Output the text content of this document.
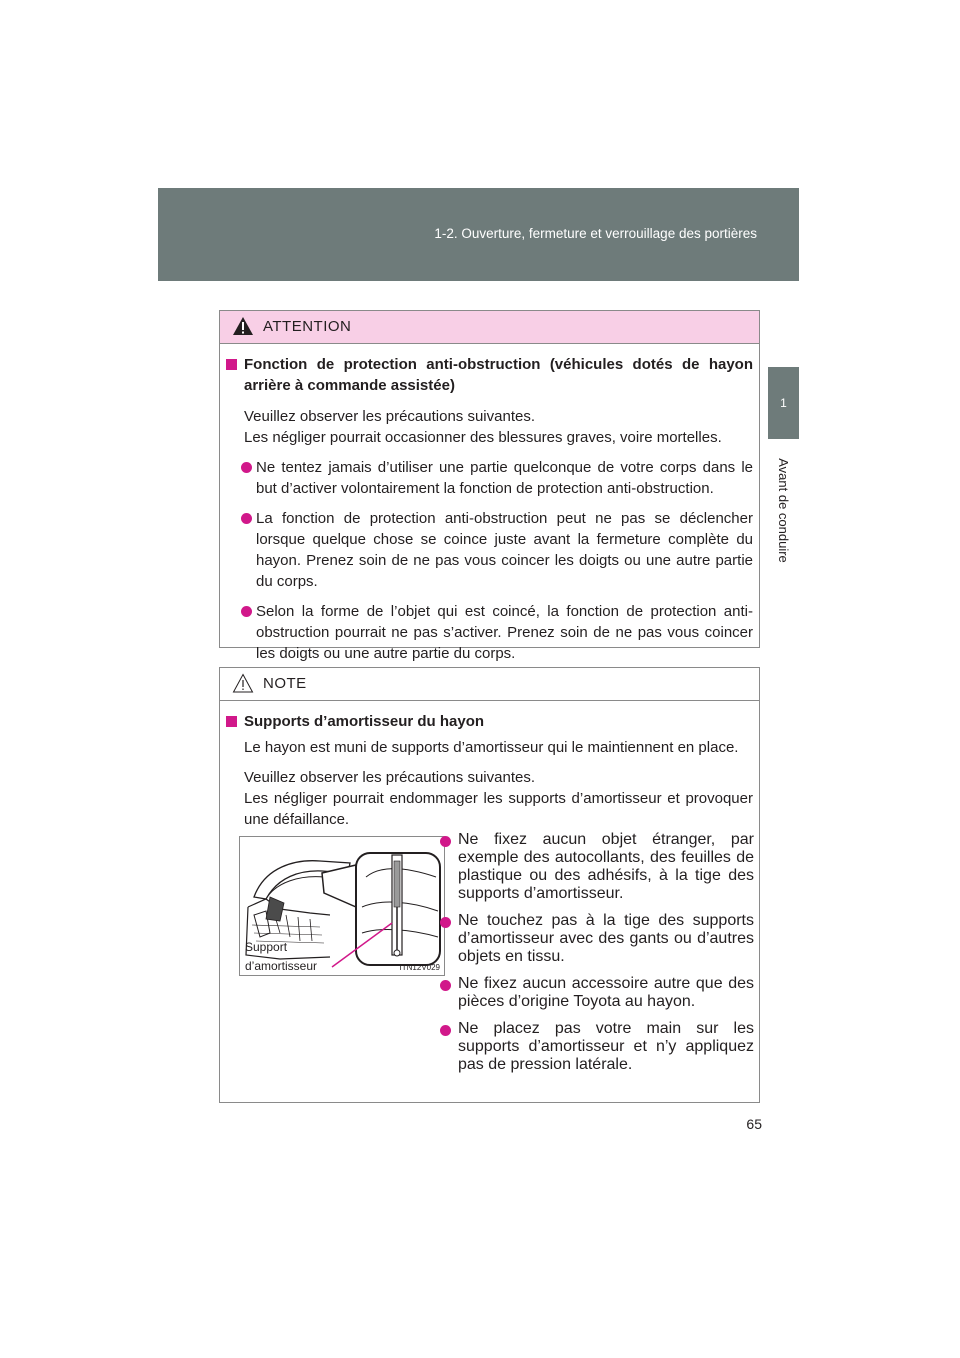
1-2. Ouverture, fermeture et verrouillage des portières
1
Avant de conduire
ATTENTION
Fonction de protection anti-obstruction (véhicules dotés de hayon arrière à commande assistée)
Veuillez observer les précautions suivantes.
Les négliger pourrait occasionner des blessures graves, voire mortelles.
Ne tentez jamais d’utiliser une partie quelconque de votre corps dans le but d’activer volontairement la fonction de protection anti-obstruction.
La fonction de protection anti-obstruction peut ne pas se déclencher lorsque quelque chose se coince juste avant la fermeture complète du hayon. Prenez soin de ne pas vous coincer les doigts ou une autre partie du corps.
Selon la forme de l’objet qui est coincé, la fonction de protection anti-obstruction pourrait ne pas s’activer. Prenez soin de ne pas vous coincer les doigts ou une autre partie du corps.
NOTE
Supports d’amortisseur du hayon
Le hayon est muni de supports d’amortisseur qui le maintiennent en place.
Veuillez observer les précautions suivantes.
Les négliger pourrait endommager les supports d’amortisseur et provoquer une défaillance.
Support
d’amortisseur	ITN12V029
Ne fixez aucun objet étranger, par exemple des autocollants, des feuilles de plastique ou des adhésifs, à la tige des supports d’amortisseur.
Ne touchez pas à la tige des supports d’amortisseur avec des gants ou d’autres objets en tissu.
Ne fixez aucun accessoire autre que des pièces d’origine Toyota au hayon.
Ne placez pas votre main sur les supports d’amortisseur et n’y appliquez pas de pression latérale.
65
